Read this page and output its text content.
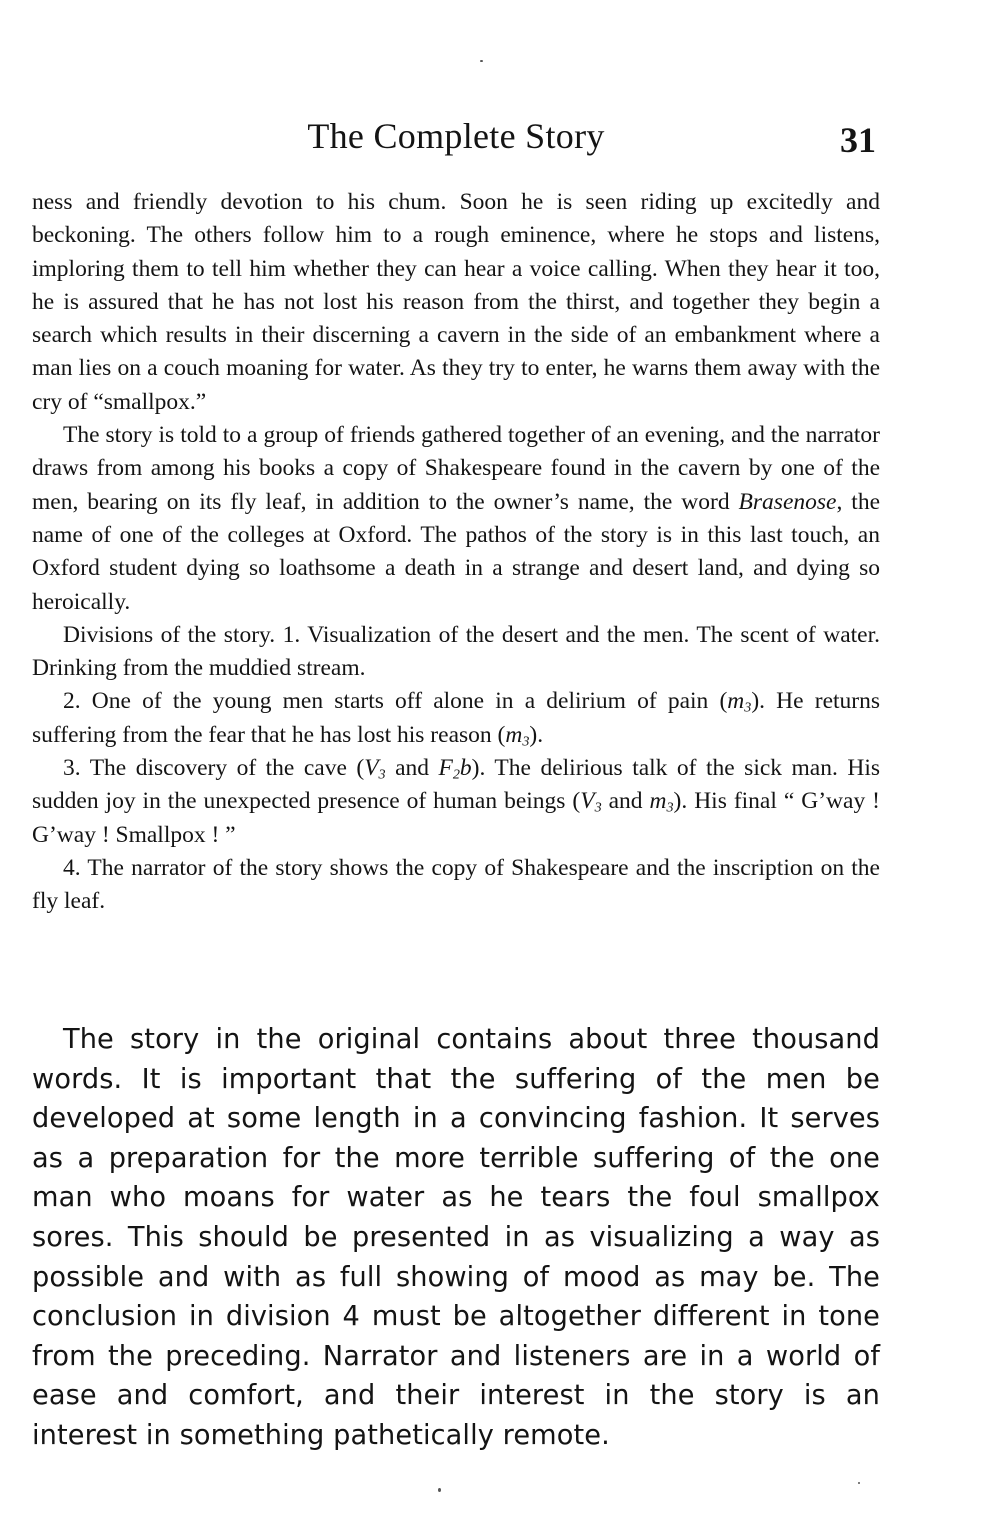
The Complete Story	31

ness and friendly devotion to his chum. Soon he is seen riding up excitedly and beckoning. The others follow him to a rough eminence, where he stops and listens, imploring them to tell him whether they can hear a voice calling. When they hear it too, he is assured that he has not lost his reason from the thirst, and together they begin a search which results in their discerning a cavern in the side of an embankment where a man lies on a couch moaning for water. As they try to enter, he warns them away with the cry of “smallpox.”

The story is told to a group of friends gathered together of an evening, and the narrator draws from among his books a copy of Shakespeare found in the cavern by one of the men, bearing on its fly leaf, in addition to the owner’s name, the word Brasenose, the name of one of the colleges at Oxford. The pathos of the story is in this last touch, an Oxford student dying so loathsome a death in a strange and desert land, and dying so heroically.

Divisions of the story. 1. Visualization of the desert and the men. The scent of water. Drinking from the muddied stream.

2. One of the young men starts off alone in a delirium of pain $(m_3)$. He returns suffering from the fear that he has lost his reason $(m_3)$.

3. The discovery of the cave ($V_3$ and $F_2b$). The delirious talk of the sick man. His sudden joy in the unexpected presence of human beings ($V_3$ and $m_3$). His final “ G’way ! G’way ! Smallpox ! ”

4. The narrator of the story shows the copy of Shakespeare and the inscription on the fly leaf.

The story in the original contains about three thousand words. It is important that the suffering of the men be developed at some length in a convincing fashion. It serves as a preparation for the more terrible suffering of the one man who moans for water as he tears the foul smallpox sores. This should be presented in as visualizing a way as possible and with as full showing of mood as may be. The conclusion in division 4 must be altogether different in tone from the preceding. Narrator and listeners are in a world of ease and comfort, and their interest in the story is an interest in something pathetically remote.
